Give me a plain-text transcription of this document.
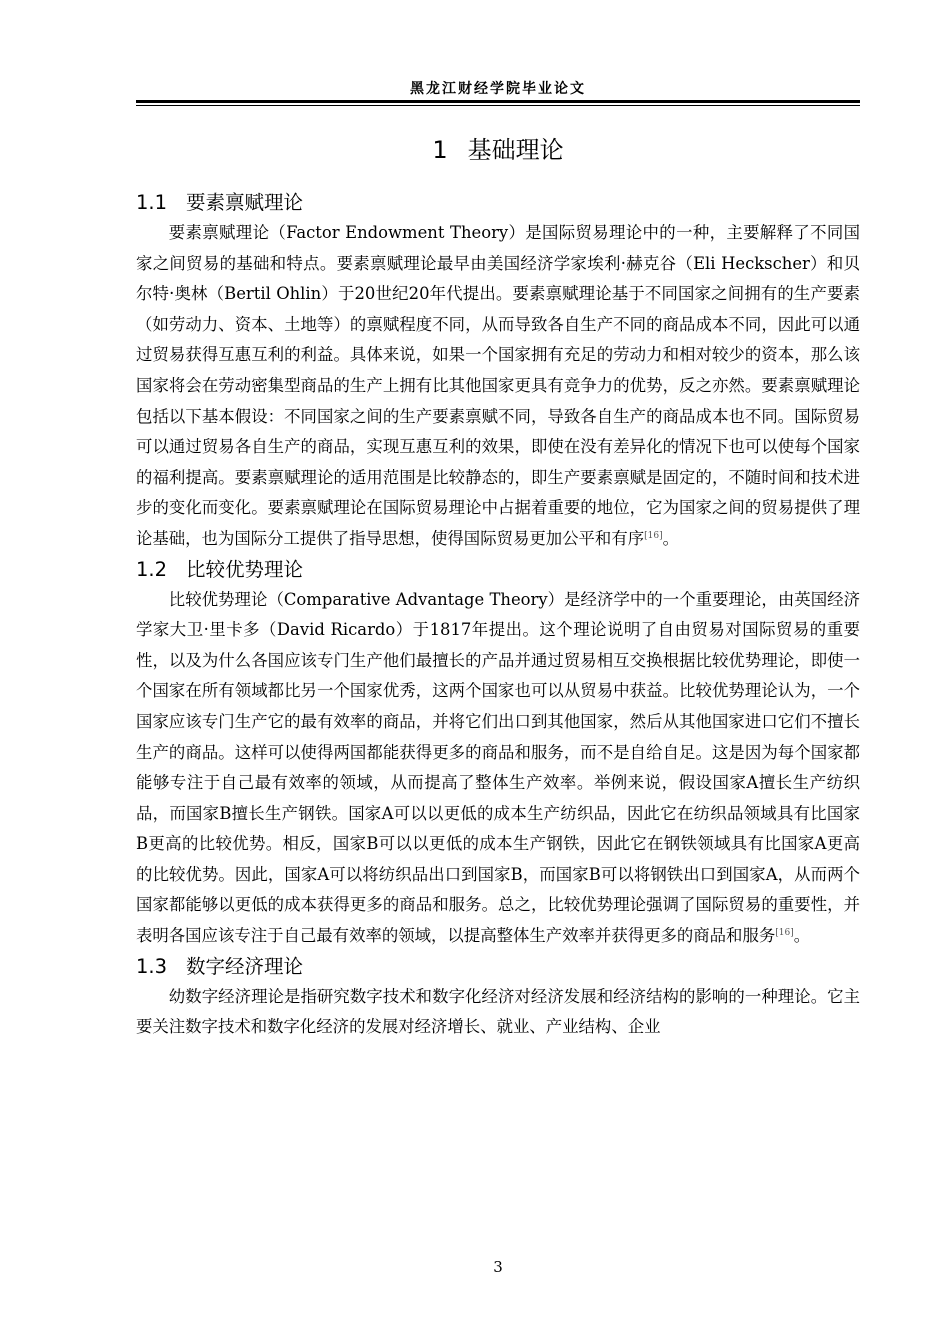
黑龙江财经学院毕业论文
1 基础理论
1.1 要素禀赋理论

要素禀赋理论（Factor Endowment Theory）是国际贸易理论中的一种，主要解释了不同国家之间贸易的基础和特点。要素禀赋理论最早由美国经济学家埃利·赫克谷（Eli Heckscher）和贝尔特·奥林（Bertil Ohlin）于20世纪20年代提出。要素禀赋理论基于不同国家之间拥有的生产要素（如劳动力、资本、土地等）的禀赋程度不同，从而导致各自生产不同的商品成本不同，因此可以通过贸易获得互惠互利的利益。具体来说，如果一个国家拥有充足的劳动力和相对较少的资本，那么该国家将会在劳动密集型商品的生产上拥有比其他国家更具有竞争力的优势，反之亦然。要素禀赋理论包括以下基本假设：不同国家之间的生产要素禀赋不同，导致各自生产的商品成本也不同。国际贸易可以通过贸易各自生产的商品，实现互惠互利的效果，即使在没有差异化的情况下也可以使每个国家的福利提高。要素禀赋理论的适用范围是比较静态的，即生产要素禀赋是固定的，不随时间和技术进步的变化而变化。要素禀赋理论在国际贸易理论中占据着重要的地位，它为国家之间的贸易提供了理论基础，也为国际分工提供了指导思想，使得国际贸易更加公平和有序[16]。

1.2 比较优势理论

比较优势理论（Comparative Advantage Theory）是经济学中的一个重要理论，由英国经济学家大卫·里卡多（David Ricardo）于1817年提出。这个理论说明了自由贸易对国际贸易的重要性，以及为什么各国应该专门生产他们最擅长的产品并通过贸易相互交换根据比较优势理论，即使一个国家在所有领域都比另一个国家优秀，这两个国家也可以从贸易中获益。比较优势理论认为，一个国家应该专门生产它的最有效率的商品，并将它们出口到其他国家，然后从其他国家进口它们不擅长生产的商品。这样可以使得两国都能获得更多的商品和服务，而不是自给自足。这是因为每个国家都能够专注于自己最有效率的领域，从而提高了整体生产效率。举例来说，假设国家A擅长生产纺织品，而国家B擅长生产钢铁。国家A可以以更低的成本生产纺织品，因此它在纺织品领域具有比国家B更高的比较优势。相反，国家B可以以更低的成本生产钢铁，因此它在钢铁领域具有比国家A更高的比较优势。因此，国家A可以将纺织品出口到国家B，而国家B可以将钢铁出口到国家A，从而两个国家都能够以更低的成本获得更多的商品和服务。总之，比较优势理论强调了国际贸易的重要性，并表明各国应该专注于自己最有效率的领域，以提高整体生产效率并获得更多的商品和服务[16]。

1.3 数字经济理论

幼数字经济理论是指研究数字技术和数字化经济对经济发展和经济结构的影响的一种理论。它主要关注数字技术和数字化经济的发展对经济增长、就业、产业结构、企业

3
